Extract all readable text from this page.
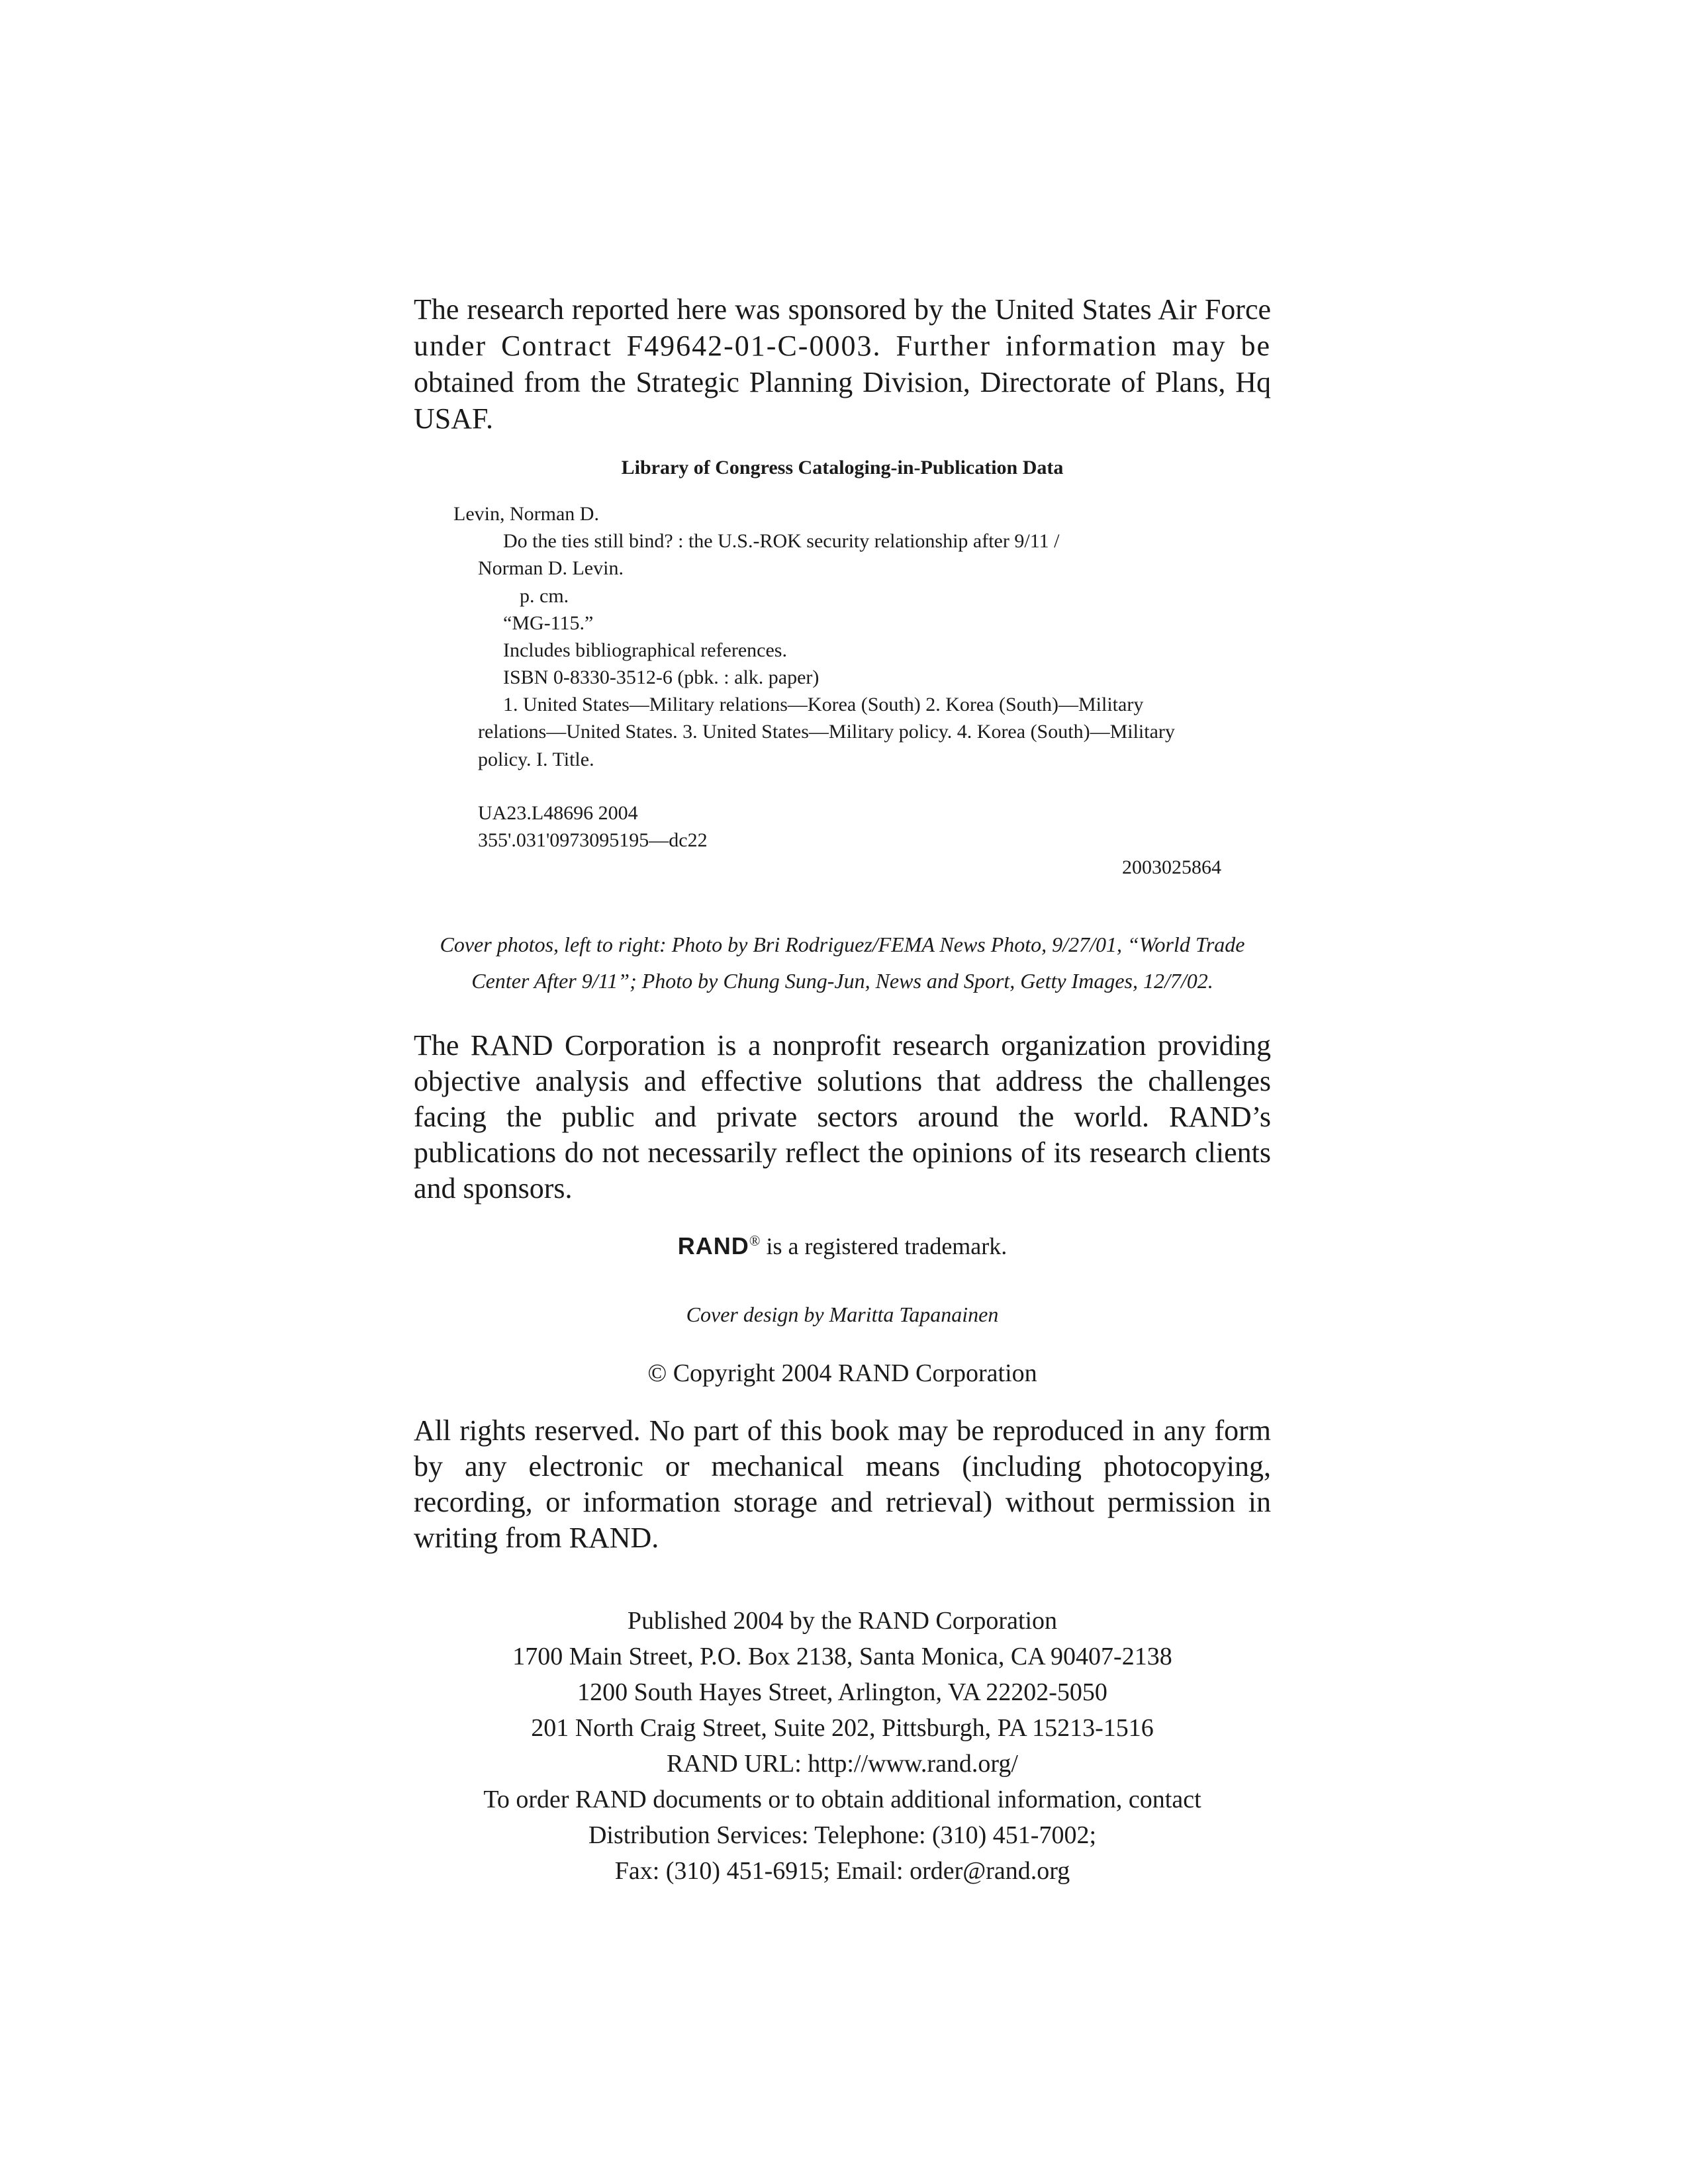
The research reported here was sponsored by the United States Air Force
under Contract F49642-01-C-0003. Further information may be
obtained from the Strategic Planning Division, Directorate of Plans, Hq
USAF.

Library of Congress Cataloging-in-Publication Data

Levin, Norman D.
Do the ties still bind? : the U.S.-ROK security relationship after 9/11 /
Norman D. Levin.
p. cm.
“MG-115.”
Includes bibliographical references.
ISBN 0-8330-3512-6 (pbk. : alk. paper)
1. United States—Military relations—Korea (South) 2. Korea (South)—Military
relations—United States. 3. United States—Military policy. 4. Korea (South)—Military
policy. I. Title.
UA23.L48696 2004
355'.031'0973095195—dc22
2003025864

Cover photos, left to right: Photo by Bri Rodriguez/FEMA News Photo, 9/27/01, “World Trade
Center After 9/11”; Photo by Chung Sung-Jun, News and Sport, Getty Images, 12/7/02.

The RAND Corporation is a nonprofit research organization providing
objective analysis and effective solutions that address the challenges
facing the public and private sectors around the world. RAND’s
publications do not necessarily reflect the opinions of its research clients
and sponsors.

RAND® is a registered trademark.

Cover design by Maritta Tapanainen

© Copyright 2004 RAND Corporation

All rights reserved. No part of this book may be reproduced in any form
by any electronic or mechanical means (including photocopying,
recording, or information storage and retrieval) without permission in
writing from RAND.

Published 2004 by the RAND Corporation
1700 Main Street, P.O. Box 2138, Santa Monica, CA 90407-2138
1200 South Hayes Street, Arlington, VA 22202-5050
201 North Craig Street, Suite 202, Pittsburgh, PA 15213-1516
RAND URL: http://www.rand.org/
To order RAND documents or to obtain additional information, contact
Distribution Services: Telephone: (310) 451-7002;
Fax: (310) 451-6915; Email: order@rand.org
